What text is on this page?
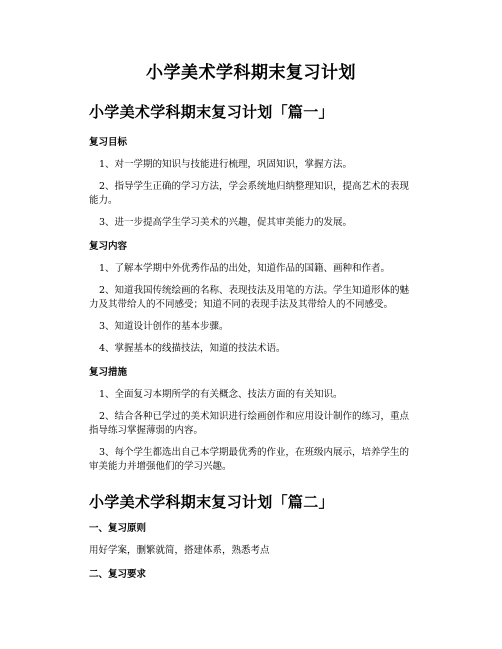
小学美术学科期末复习计划
小学美术学科期末复习计划「篇一」
复习目标

1、对一学期的知识与技能进行梳理，巩固知识，掌握方法。

2、指导学生正确的学习方法，学会系统地归纳整理知识，提高艺术的表现能力。

3、进一步提高学生学习美术的兴趣，促其审美能力的发展。

复习内容

1、了解本学期中外优秀作品的出处，知道作品的国籍、画种和作者。

2、知道我国传统绘画的名称、表现技法及用笔的方法。学生知道形体的魅力及其带给人的不同感受；知道不同的表现手法及其带给人的不同感受。

3、知道设计创作的基本步骤。

4、掌握基本的线描技法，知道的技法术语。

复习措施

1、全面复习本期所学的有关概念、技法方面的有关知识。

2、结合各种已学过的美术知识进行绘画创作和应用设计制作的练习，重点指导练习掌握薄弱的内容。

3、每个学生都选出自己本学期最优秀的作业，在班级内展示，培养学生的审美能力并增强他们的学习兴趣。

小学美术学科期末复习计划「篇二」
一、复习原则

用好学案，删繁就简，搭建体系，熟悉考点

二、复习要求
